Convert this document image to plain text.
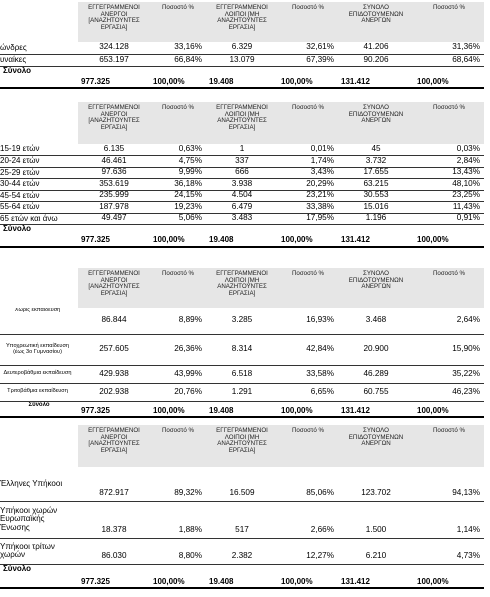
	ΕΓΓΕΓΡΑΜΜΕΝΟΙ ΑΝΕΡΓΟΙ [ΑΝΑΖΗΤΟΥΝΤΕΣ ΕΡΓΑΣΙΑ]	Ποσοστό %	ΕΓΓΕΓΡΑΜΜΕΝΟΙ ΛΟΙΠΟΙ [ΜΗ ΑΝΑΖΗΤΟΥΝΤΕΣ ΕΡΓΑΣΙΑ]	Ποσοστό %	ΣΥΝΟΛΟ ΕΠΙΔΟΤΟΥΜΕΝΩΝ ΑΝΕΡΓΩΝ	Ποσοστό %
ώνδρες	324.128	33,16%	6.329	32,61%	41.206	31,36%
υναίκες	653.197	66,84%	13.079	67,39%	90.206	68,64%
Σύνολο	977.325	100,00%	19.408	100,00%	131.412	100,00%
	ΕΓΓΕΓΡΑΜΜΕΝΟΙ ΑΝΕΡΓΟΙ [ΑΝΑΖΗΤΟΥΝΤΕΣ ΕΡΓΑΣΙΑ]	Ποσοστό %	ΕΓΓΕΓΡΑΜΜΕΝΟΙ ΛΟΙΠΟΙ [ΜΗ ΑΝΑΖΗΤΟΥΝΤΕΣ ΕΡΓΑΣΙΑ]	Ποσοστό %	ΣΥΝΟΛΟ ΕΠΙΔΟΤΟΥΜΕΝΩΝ ΑΝΕΡΓΩΝ	Ποσοστό %
15-19 ετών	6.135	0,63%	1	0,01%	45	0,03%
20-24 ετών	46.461	4,75%	337	1,74%	3.732	2,84%
25-29 ετών	97.636	9,99%	666	3,43%	17.655	13,43%
30-44 ετών	353.619	36,18%	3.938	20,29%	63.215	48,10%
45-54 ετών	235.999	24,15%	4.504	23,21%	30.553	23,25%
55-64 ετών	187.978	19,23%	6.479	33,38%	15.016	11,43%
65 ετών και άνω	49.497	5,06%	3.483	17,95%	1.196	0,91%
Σύνολο	977.325	100,00%	19.408	100,00%	131.412	100,00%
	ΕΓΓΕΓΡΑΜΜΕΝΟΙ ΑΝΕΡΓΟΙ [ΑΝΑΖΗΤΟΥΝΤΕΣ ΕΡΓΑΣΙΑ]	Ποσοστό %	ΕΓΓΕΓΡΑΜΜΕΝΟΙ ΛΟΙΠΟΙ [ΜΗ ΑΝΑΖΗΤΟΥΝΤΕΣ ΕΡΓΑΣΙΑ]	Ποσοστό %	ΣΥΝΟΛΟ ΕΠΙΔΟΤΟΥΜΕΝΩΝ ΑΝΕΡΓΩΝ	Ποσοστό %
Χωρίς εκπαίδευση	86.844	8,89%	3.285	16,93%	3.468	2,64%
Υποχρεωτική εκπαίδευση (έως 3ο Γυμνασίου)	257.605	26,36%	8.314	42,84%	20.900	15,90%
Δευτεροβάθμια εκπαίδευση	429.938	43,99%	6.518	33,58%	46.289	35,22%
Τριτοβάθμια εκπαίδευση	202.938	20,76%	1.291	6,65%	60.755	46,23%
Σύνολο	977.325	100,00%	19.408	100,00%	131.412	100,00%
	ΕΓΓΕΓΡΑΜΜΕΝΟΙ ΑΝΕΡΓΟΙ [ΑΝΑΖΗΤΟΥΝΤΕΣ ΕΡΓΑΣΙΑ]	Ποσοστό %	ΕΓΓΕΓΡΑΜΜΕΝΟΙ ΛΟΙΠΟΙ [ΜΗ ΑΝΑΖΗΤΟΥΝΤΕΣ ΕΡΓΑΣΙΑ]	Ποσοστό %	ΣΥΝΟΛΟ ΕΠΙΔΟΤΟΥΜΕΝΩΝ ΑΝΕΡΓΩΝ	Ποσοστό %
Έλληνες Υπήκοοι	872.917	89,32%	16.509	85,06%	123.702	94,13%
Υπήκοοι χωρών Ευρωπαϊκής Ένωσης	18.378	1,88%	517	2,66%	1.500	1,14%
Υπήκοοι τρίτων χωρών	86.030	8,80%	2.382	12,27%	6.210	4,73%
Σύνολο	977.325	100,00%	19.408	100,00%	131.412	100,00%
